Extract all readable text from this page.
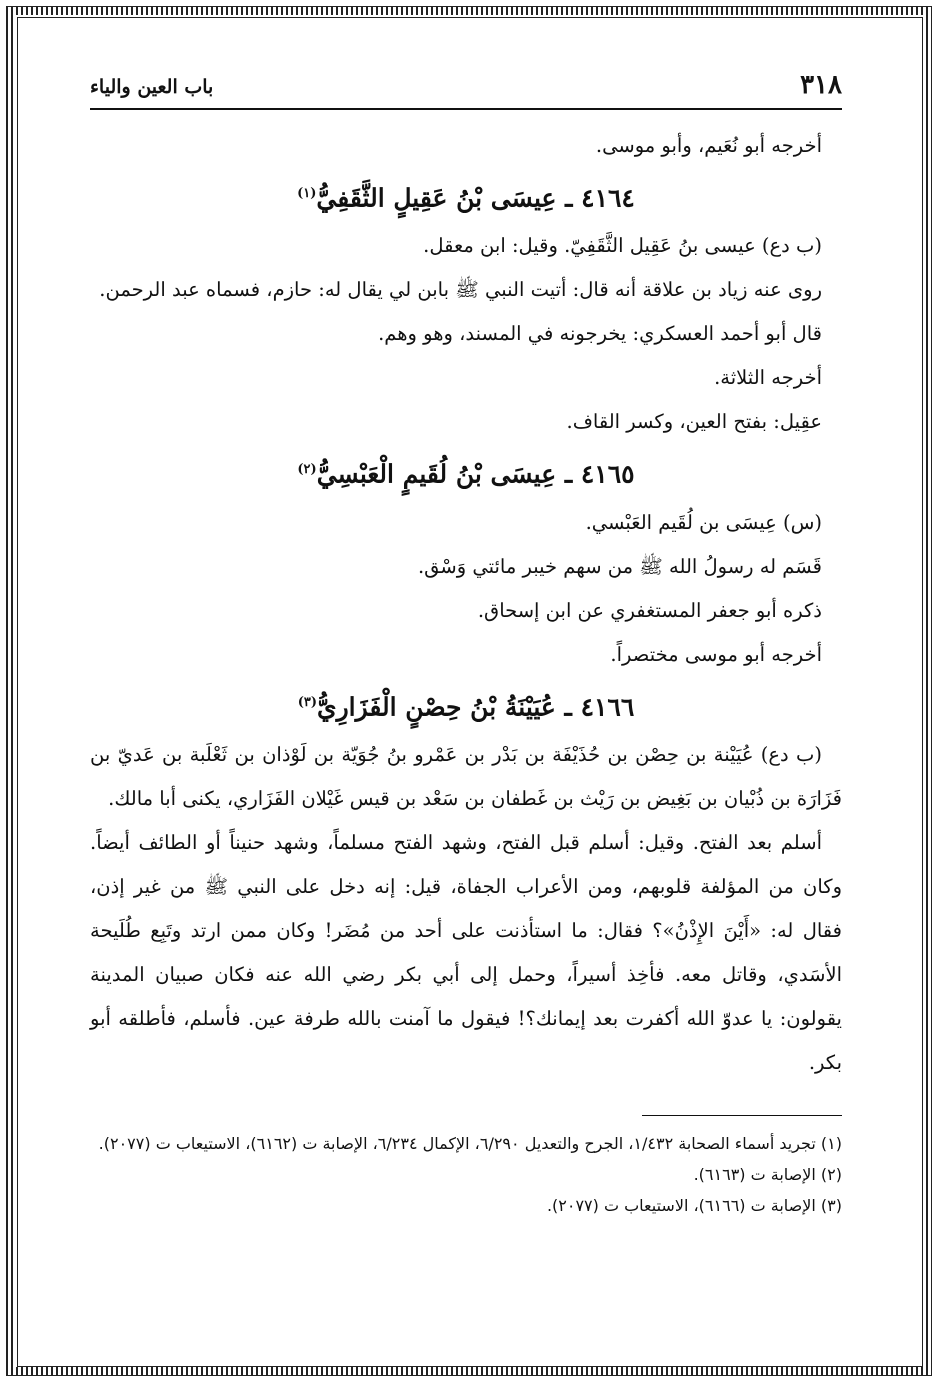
٣١٨
باب العين والياء

أخرجه أبو نُعَيم، وأبو موسى.

٤١٦٤ ـ عِيسَى بْنُ عَقِيلٍ الثَّقَفِيُّ$^{(١)}$

(ب دع) عيسى بنُ عَقِيل الثَّقَفِيّ. وقيل: ابن معقل.

روى عنه زياد بن علاقة أنه قال: أتيت النبي ﷺ بابن لي يقال له: حازم، فسماه عبد الرحمن.

قال أبو أحمد العسكري: يخرجونه في المسند، وهو وهم.

أخرجه الثلاثة.

عقِيل: بفتح العين، وكسر القاف.

٤١٦٥ ـ عِيسَى بْنُ لُقَيمٍ الْعَبْسِيُّ$^{(٢)}$

(س) عِيسَى بن لُقَيم العَبْسي.

قَسَم له رسولُ الله ﷺ من سهم خيبر مائتي وَسْق.

ذكره أبو جعفر المستغفري عن ابن إسحاق.

أخرجه أبو موسى مختصراً.

٤١٦٦ ـ عُيَيْنَةُ بْنُ حِصْنٍ الْفَزَارِيُّ$^{(٣)}$

(ب دع) عُيَيْنة بن حِصْن بن حُذَيْفَة بن بَدْر بن عَمْرو بنُ جُوَيّة بن لَوْذان بن ثَعْلَبة بن عَديّ بن فَزَارَة بن ذُبْيان بن بَغِيض بن رَيْث بن غَطفان بن سَعْد بن قيس غَيْلان الفَزَاري، يكنى أبا مالك.

أسلم بعد الفتح. وقيل: أسلم قبل الفتح، وشهد الفتح مسلماً، وشهد حنيناً أو الطائف أيضاً. وكان من المؤلفة قلوبهم، ومن الأعراب الجفاة، قيل: إنه دخل على النبي ﷺ من غير إذن، فقال له: «أَيْنَ الإِذْنُ»؟ فقال: ما استأذنت على أحد من مُضَر! وكان ممن ارتد وتَبِع طُلَيحة الأسَدي، وقاتل معه. فأخِذ أسيراً، وحمل إلى أبي بكر رضي الله عنه فكان صبيان المدينة يقولون: يا عدوّ الله أكفرت بعد إيمانك؟! فيقول ما آمنت بالله طرفة عين. فأسلم، فأطلقه أبو بكر.

(١) تجريد أسماء الصحابة ١/٤٣٢، الجرح والتعديل ٦/٢٩٠، الإكمال ٦/٢٣٤، الإصابة ت (٦١٦٢)، الاستيعاب ت (٢٠٧٧).

(٢) الإصابة ت (٦١٦٣).

(٣) الإصابة ت (٦١٦٦)، الاستيعاب ت (٢٠٧٧).
